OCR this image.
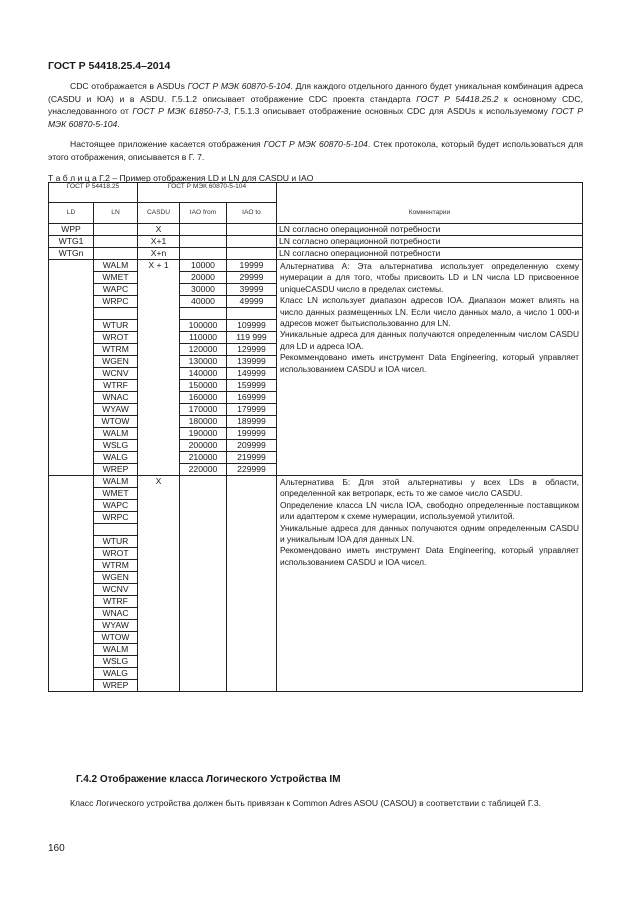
ГОСТ Р 54418.25.4–2014

CDC отображается в ASDUs ГОСТ Р МЭК 60870-5-104. Для каждого отдельного данного будет уникальная комбинация адреса (CASDU и ЮА) и в ASDU. Г.5.1.2 описывает отображение CDC проекта стандарта ГОСТ Р 54418.25.2 к основному CDC, унаследованного от ГОСТ Р МЭК 61850-7-3, Г.5.1.3 описывает отображение основных CDC для ASDUs к используемому ГОСТ Р МЭК 60870-5-104.

Настоящее приложение касается отображения ГОСТ Р МЭК 60870-5-104. Стек протокола, который будет использоваться для этого отображения, описывается в Г. 7.

Т а б л и ц а Г.2 – Пример отображения LD и LN для CASDU и IAO
ГОСТ Р 54418.25		ГОСТ Р МЭК 60870-5-104			
LD	LN	CASDU	IAO from	IAO to	Комментарии
WPP		X			LN согласно операционной потребности
WTG1		X+1			LN согласно операционной потребности
WTGn		X+n			LN согласно операционной потребности
	WALM	X + 1	10000	19999	Альтернатива А: Эта альтернатива использует определенную схему нумерации а для того, чтобы присвоить LD и LN числа LD присвоенное uniqueCASDU число в пределах системы.

Класс LN использует диапазон адресов IOA. Диапазон может влиять на число данных размещенных LN. Если число данных мало, а число 1 000-и адресов может бытьиспользованно для LN.

Уникальные адреса для данных получаются определенным числом CASDU для LD и адреса IOA.

Рекоммендовано иметь инструмент Data Engineering, который управляет использованием CASDU и IOA чисел.

	WMET		20000	29999	
	WAPC		30000	39999	
	WRPC		40000	49999	

	WTUR		100000	109999	
	WROT		110000	119 999	
	WTRM		120000	129999	
	WGEN		130000	139999	
	WCNV		140000	149999	
	WTRF		150000	159999	
	WNAC		160000	169999	
	WYAW		170000	179999	
	WTOW		180000	189999	
	WALM		190000	199999	
	WSLG		200000	209999	
	WALG		210000	219999	
	WREP		220000	229999	
	WALM	X			Альтернатива Б: Для этой альтернативы у всех LDs в области, определенной как ветропарк, есть то же самое число CASDU.

Определение класса LN числа IOA, свободно определенные поставщиком или адаптером к схеме нумерации, используемой утилитой.

Уникальные адреса для данных получаются одним определенным CASDU и уникальным IOA для данных LN.

Рекомендовано иметь инструмент Data Engineering, который управляет использованием CASDU и IOA чисел.

	WMET				
	WAPC				
	WRPC				

	WTUR				
	WROT				
	WTRM				
	WGEN				
	WCNV				
	WTRF				
	WNAC				
	WYAW				
	WTOW				
	WALM				
	WSLG				
	WALG				
	WREP				
Г.4.2 Отображение класса Логического Устройства IM

Класс Логического устройства должен быть привязан к Common Adres ASOU (CASOU) в соответствии с таблицей Г.3.

160
